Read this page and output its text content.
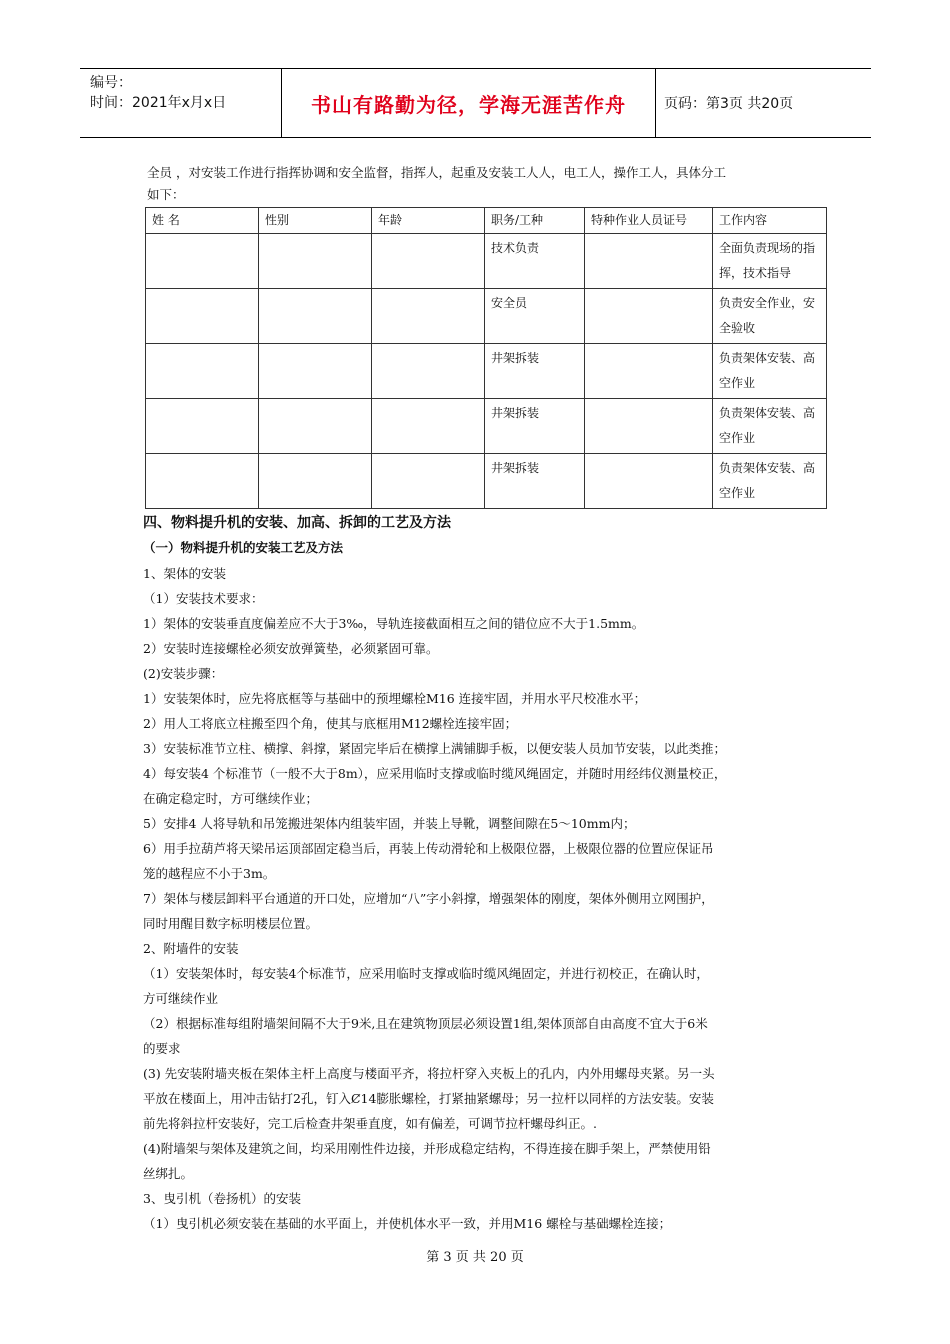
编号：
时间：2021年x月x日	书山有路勤为径，学海无涯苦作舟	页码：第3页 共20页
全员 ，对安装工作进行指挥协调和安全监督，指挥人，起重及安装工人人，电工人，操作工人，具体分工
如下：
姓 名	性别	年龄	职务/工种	特种作业人员证号	工作内容
			技术负责		全面负责现场的指挥，技术指导
			安全员		负责安全作业，安全验收
			井架拆装		负责架体安装、高空作业
			井架拆装		负责架体安装、高空作业
			井架拆装		负责架体安装、高空作业
四、物料提升机的安装、加高、拆卸的工艺及方法
（一）物料提升机的安装工艺及方法
1、架体的安装
（1）安装技术要求：
1）架体的安装垂直度偏差应不大于3‰，导轨连接截面相互之间的错位应不大于1.5mm。
2）安装时连接螺栓必须安放弹簧垫，必须紧固可靠。
(2)安装步骤：
1）安装架体时，应先将底框等与基础中的预埋螺栓M16 连接牢固，并用水平尺校准水平；
2）用人工将底立柱搬至四个角，使其与底框用M12螺栓连接牢固；
3）安装标准节立柱、横撑、斜撑，紧固完毕后在横撑上满铺脚手板，以便安装人员加节安装，以此类推；
4）每安装4 个标准节（一般不大于8m），应采用临时支撑或临时缆风绳固定，并随时用经纬仪测量校正，
在确定稳定时，方可继续作业；
5）安排4 人将导轨和吊笼搬进架体内组装牢固，并装上导靴，调整间隙在5～10mm内；
6）用手拉葫芦将天梁吊运顶部固定稳当后，再装上传动滑轮和上极限位器，上极限位器的位置应保证吊
笼的越程应不小于3m。
7）架体与楼层卸料平台通道的开口处，应增加“八”字小斜撑，增强架体的刚度，架体外侧用立网围护，
同时用醒目数字标明楼层位置。
2、附墙件的安装
（1）安装架体时，每安装4个标准节，应采用临时支撑或临时缆风绳固定，并进行初校正，在确认时，
方可继续作业
（2）根据标准每组附墙架间隔不大于9米,且在建筑物顶层必须设置1组,架体顶部自由高度不宜大于6米
的要求
(3) 先安装附墙夹板在架体主杆上高度与楼面平齐，将拉杆穿入夹板上的孔内，内外用螺母夹紧。另一头
平放在楼面上，用冲击钻打2孔，钉入Ȼ14膨胀螺栓，打紧抽紧螺母；另一拉杆以同样的方法安装。安装
前先将斜拉杆安装好，完工后检查井架垂直度，如有偏差，可调节拉杆螺母纠正。.
(4)附墙架与架体及建筑之间，均采用刚性件边接，并形成稳定结构，不得连接在脚手架上，严禁使用铅
丝绑扎。
3、曳引机（卷扬机）的安装
（1）曳引机必须安装在基础的水平面上，并使机体水平一致，并用M16 螺栓与基础螺栓连接；
第 3 页 共 20 页
